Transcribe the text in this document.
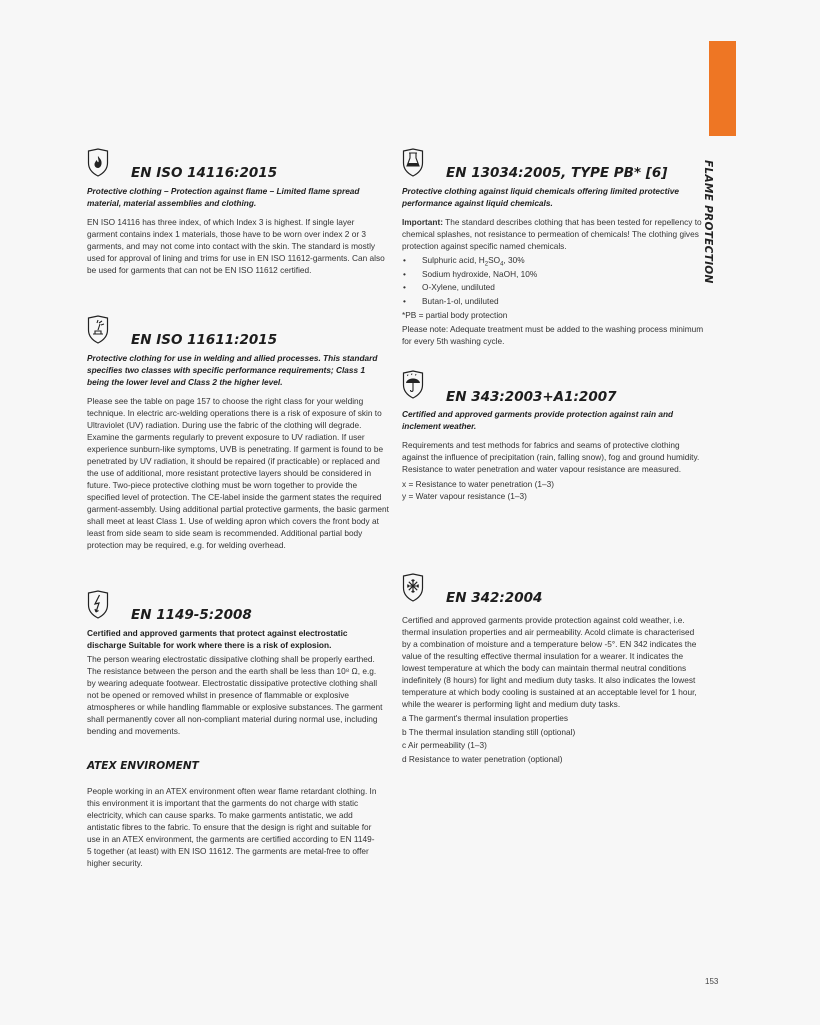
FLAME PROTECTION
EN ISO 14116:2015

Protective clothing – Protection against flame – Limited flame spread material, material assemblies and clothing.

EN ISO 14116 has three index, of which Index 3 is highest. If single layer garment contains index 1 materials, those have to be worn over index 2 or 3 garments, and may not come into contact with the skin. The standard is mostly used for approval of lining and trims for use in EN ISO 11612-garments. Can also be used for garments that can not be EN ISO 11612 certified.

EN ISO 11611:2015

Protective clothing for use in welding and allied processes. This standard specifies two classes with specific performance requirements; Class 1 being the lower level and Class 2 the higher level.

Please see the table on page 157 to choose the right class for your welding technique. In electric arc-welding operations there is a risk of exposure of skin to Ultraviolet (UV) radiation. During use the fabric of the clothing will degrade. Examine the garments regularly to prevent exposure to UV radiation. If user experience sunburn-like symptoms, UVB is penetrating. If garment is found to be penetrated by UV radiation, it should be repaired (if practicable) or replaced and the use of additional, more resistant protective layers should be considered in future. Two-piece protective clothing must be worn together to provide the specified level of protection. The CE-label inside the garment states the required garment-assembly. Using additional partial protective garments, the basic garment shall meet at least Class 1. Use of welding apron which covers the front body at least from side seam to side seam is recommended. Additional partial body protection may be required, e.g. for welding overhead.

EN 1149-5:2008

Certified and approved garments that protect against electrostatic discharge Suitable for work where there is a risk of explosion.

The person wearing electrostatic dissipative clothing shall be properly earthed. The resistance between the person and the earth shall be less than 10⁸ Ω, e.g. by wearing adequate footwear. Electrostatic dissipative protective clothing shall not be opened or removed whilst in presence of flammable or explosive atmospheres or while handling flammable or explosive substances. The garment shall permanently cover all non-compliant material during normal use, including bending and movements.

ATEX ENVIROMENT

People working in an ATEX environment often wear flame retardant clothing. In this environment it is important that the garments do not charge with static electricity, which can cause sparks. To make garments antistatic, we add antistatic fibres to the fabric. To ensure that the design is right and suitable for use in an ATEX environment, the garments are certified according to EN 1149-5 together (at least) with EN ISO 11612. The garments are metal-free to offer higher security.

EN 13034:2005, TYPE PB* [6]

Protective clothing against liquid chemicals offering limited protective performance against liquid chemicals.

Important: The standard describes clothing that has been tested for repellency to chemical splashes, not resistance to permeation of chemicals! The clothing gives protection against specific named chemicals.

• Sulphuric acid, $H_2SO_4$, 30%
• Sodium hydroxide, NaOH, 10%
• O-Xylene, undiluted
• Butan-1-ol, undiluted

*PB = partial body protection

Please note: Adequate treatment must be added to the washing process minimum for every 5th washing cycle.

EN 343:2003+A1:2007

Certified and approved garments provide protection against rain and inclement weather.

Requirements and test methods for fabrics and seams of protective clothing against the influence of precipitation (rain, falling snow), fog and ground humidity. Resistance to water penetration and water vapour resistance are measured.

x = Resistance to water penetration (1–3)

y = Water vapour resistance (1–3)

EN 342:2004

Certified and approved garments provide protection against cold weather, i.e. thermal insulation properties and air permeability. Acold climate is characterised by a combination of moisture and a temperature below -5°. EN 342 indicates the value of the resulting effective thermal insulation for a wearer. It indicates the lowest temperature at which the body can maintain thermal neutral conditions indefinitely (8 hours) for light and medium duty tasks. It also indicates the lowest temperature at which body cooling is sustained at an acceptable level for 1 hour, while the wearer is performing light and medium duty tasks.

a The garment's thermal insulation properties

b The thermal insulation standing still (optional)

c Air permeability (1–3)

d Resistance to water penetration (optional)

153
